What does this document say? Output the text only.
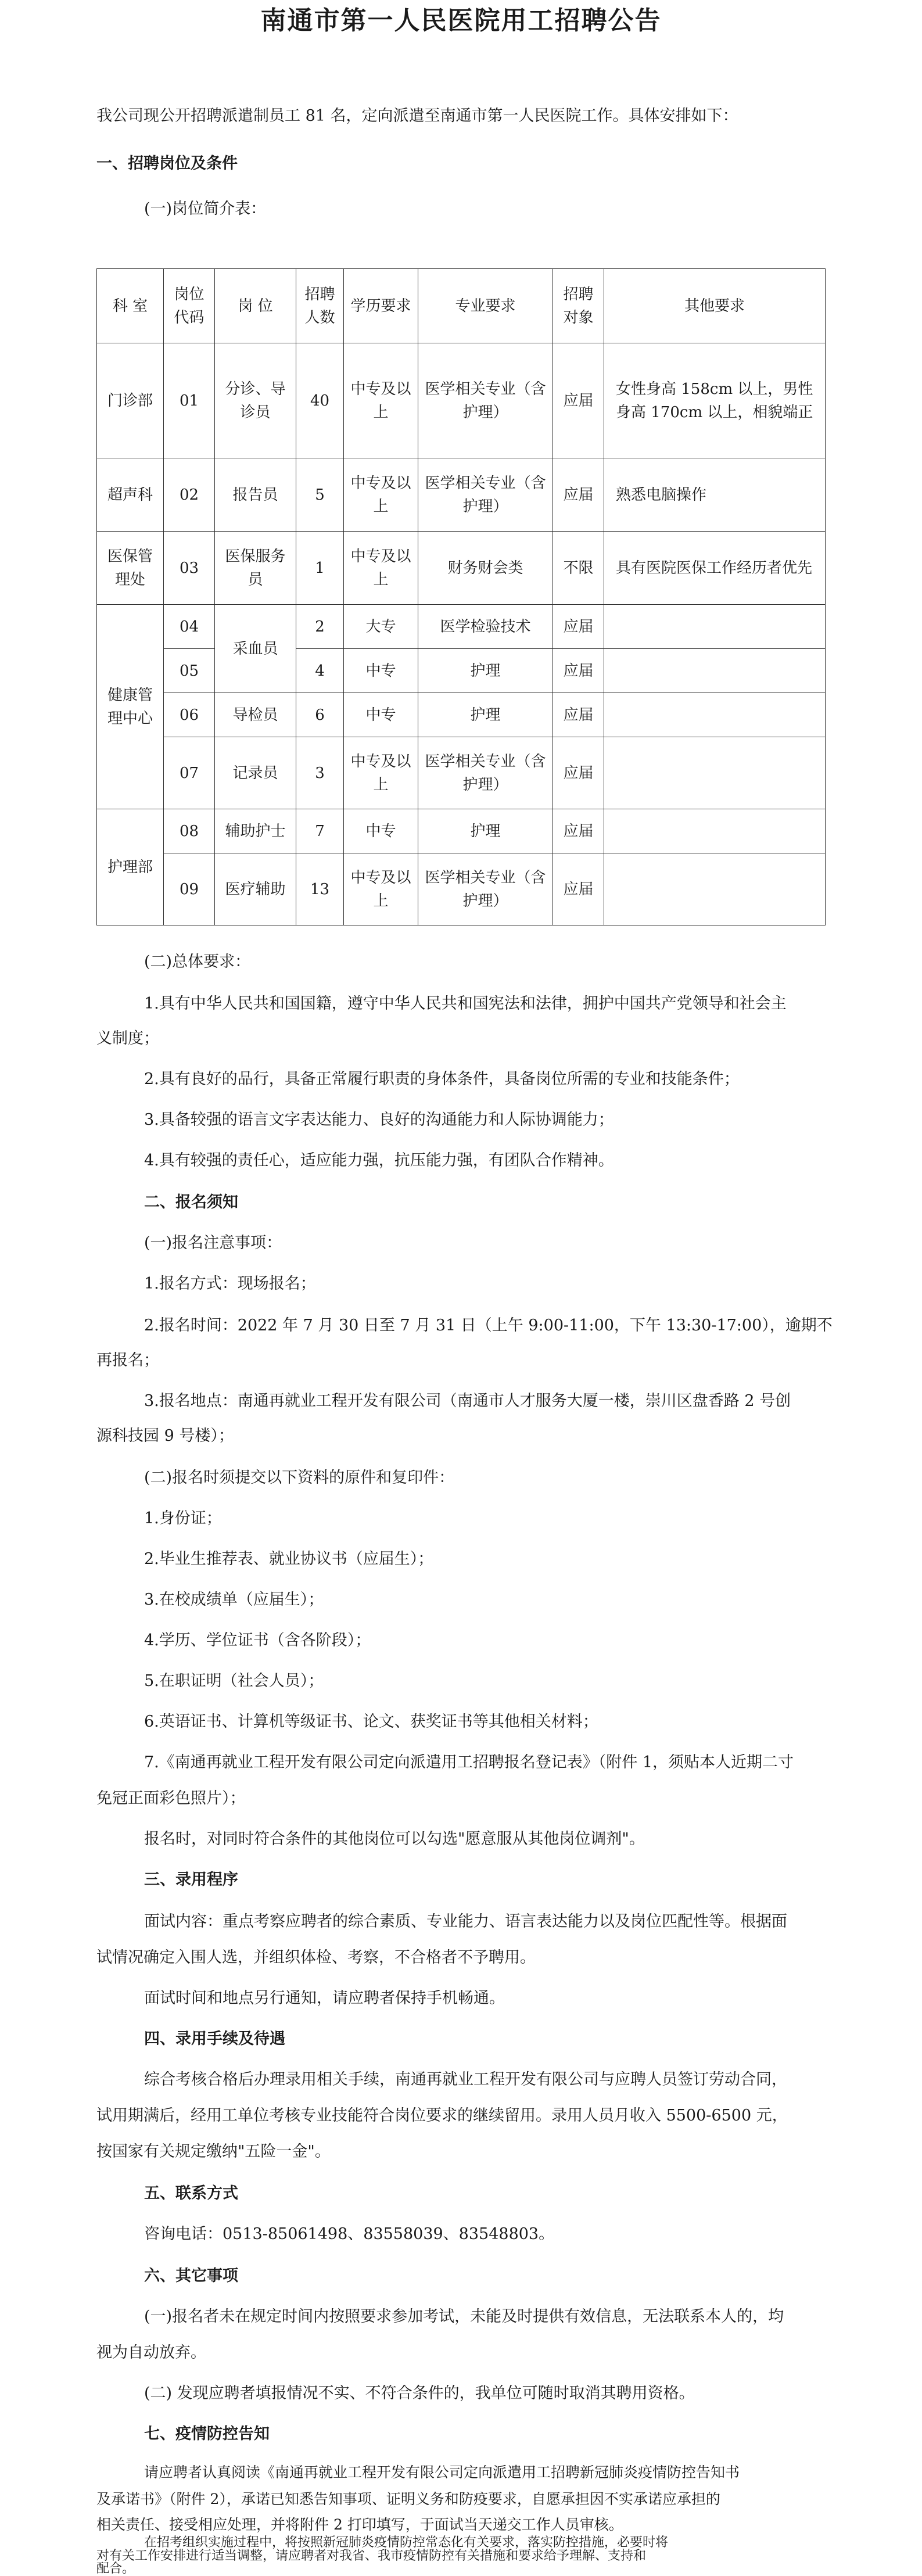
南通市第一人民医院用工招聘公告
我公司现公开招聘派遣制员工 81 名，定向派遣至南通市第一人民医院工作。具体安排如下：
一、招聘岗位及条件
(一)岗位简介表：
科 室	岗位代码	岗 位	招聘人数	学历要求	专业要求	招聘对象	其他要求
门诊部	01	分诊、导诊员	40	中专及以上	医学相关专业（含护理）	应届	女性身高 158cm 以上，男性身高 170cm 以上，相貌端正
超声科	02	报告员	5	中专及以上	医学相关专业（含护理）	应届	熟悉电脑操作
医保管理处	03	医保服务员	1	中专及以上	财务财会类	不限	具有医院医保工作经历者优先
健康管理中心	04	采血员	2	大专	医学检验技术	应届	
	05		4	中专	护理	应届	
	06	导检员	6	中专	护理	应届	
	07	记录员	3	中专及以上	医学相关专业（含护理）	应届	
护理部	08	辅助护士	7	中专	护理	应届	
	09	医疗辅助	13	中专及以上	医学相关专业（含护理）	应届	
(二)总体要求：
1.具有中华人民共和国国籍，遵守中华人民共和国宪法和法律，拥护中国共产党领导和社会主
义制度；
2.具有良好的品行，具备正常履行职责的身体条件，具备岗位所需的专业和技能条件；
3.具备较强的语言文字表达能力、良好的沟通能力和人际协调能力；
4.具有较强的责任心，适应能力强，抗压能力强，有团队合作精神。
二、报名须知
(一)报名注意事项：
1.报名方式：现场报名；
2.报名时间：2022 年 7 月 30 日至 7 月 31 日（上午 9:00-11:00，下午 13:30-17:00），逾期不
再报名；
3.报名地点：南通再就业工程开发有限公司（南通市人才服务大厦一楼，崇川区盘香路 2 号创
源科技园 9 号楼）；
(二)报名时须提交以下资料的原件和复印件：
1.身份证；
2.毕业生推荐表、就业协议书（应届生）；
3.在校成绩单（应届生）；
4.学历、学位证书（含各阶段）；
5.在职证明（社会人员）；
6.英语证书、计算机等级证书、论文、获奖证书等其他相关材料；
7.《南通再就业工程开发有限公司定向派遣用工招聘报名登记表》（附件 1，须贴本人近期二寸
免冠正面彩色照片）；
报名时，对同时符合条件的其他岗位可以勾选"愿意服从其他岗位调剂"。
三、录用程序
面试内容：重点考察应聘者的综合素质、专业能力、语言表达能力以及岗位匹配性等。根据面
试情况确定入围人选，并组织体检、考察，不合格者不予聘用。
面试时间和地点另行通知，请应聘者保持手机畅通。
四、录用手续及待遇
综合考核合格后办理录用相关手续，南通再就业工程开发有限公司与应聘人员签订劳动合同，
试用期满后，经用工单位考核专业技能符合岗位要求的继续留用。录用人员月收入 5500-6500 元，
按国家有关规定缴纳"五险一金"。
五、联系方式
咨询电话：0513-85061498、83558039、83548803。
六、其它事项
(一)报名者未在规定时间内按照要求参加考试，未能及时提供有效信息，无法联系本人的，均
视为自动放弃。
(二) 发现应聘者填报情况不实、不符合条件的，我单位可随时取消其聘用资格。
七、疫情防控告知
请应聘者认真阅读《南通再就业工程开发有限公司定向派遣用工招聘新冠肺炎疫情防控告知书
及承诺书》（附件 2），承诺已知悉告知事项、证明义务和防疫要求，自愿承担因不实承诺应承担的
相关责任、接受相应处理，并将附件 2 打印填写，于面试当天递交工作人员审核。
在招考组织实施过程中，将按照新冠肺炎疫情防控常态化有关要求，落实防控措施，必要时将
对有关工作安排进行适当调整，请应聘者对我省、我市疫情防控有关措施和要求给予理解、支持和
配合。
